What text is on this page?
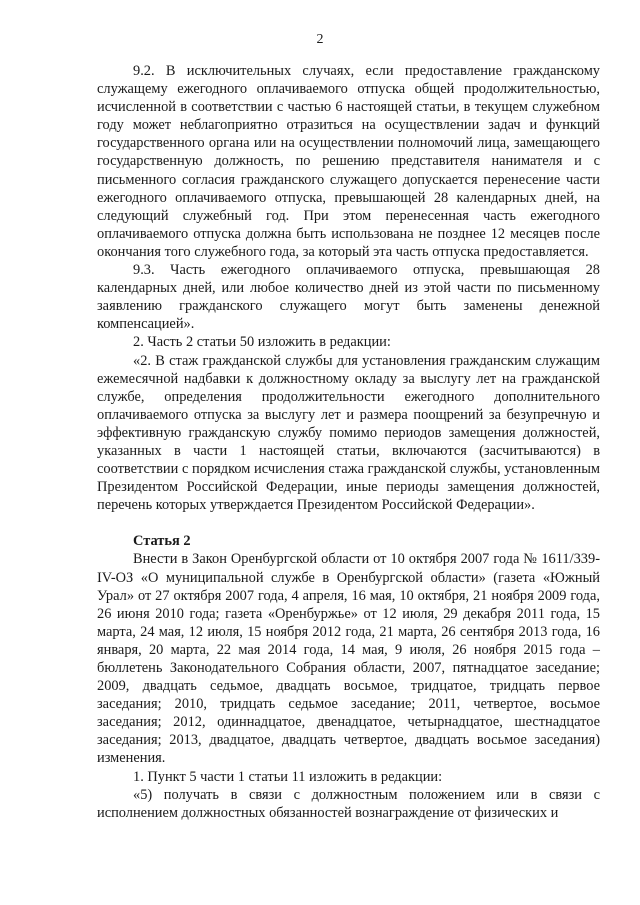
2

9.2. В исключительных случаях, если предоставление гражданскому служащему ежегодного оплачиваемого отпуска общей продолжительностью, исчисленной в соответствии с частью 6 настоящей статьи, в текущем служебном году может неблагоприятно отразиться на осуществлении задач и функций государственного органа или на осуществлении полномочий лица, замещающего государственную должность, по решению представителя нанимателя и с письменного согласия гражданского служащего допускается перенесение части ежегодного оплачиваемого отпуска, превышающей 28 календарных дней, на следующий служебный год. При этом перенесенная часть ежегодного оплачиваемого отпуска должна быть использована не позднее 12 месяцев после окончания того служебного года, за который эта часть отпуска предоставляется.

9.3. Часть ежегодного оплачиваемого отпуска, превышающая 28 календарных дней, или любое количество дней из этой части по письменному заявлению гражданского служащего могут быть заменены денежной компенсацией».

2. Часть 2 статьи 50 изложить в редакции:

«2. В стаж гражданской службы для установления гражданским служащим ежемесячной надбавки к должностному окладу за выслугу лет на гражданской службе, определения продолжительности ежегодного дополнительного оплачиваемого отпуска за выслугу лет и размера поощрений за безупречную и эффективную гражданскую службу помимо периодов замещения должностей, указанных в части 1 настоящей статьи, включаются (засчитываются) в соответствии с порядком исчисления стажа гражданской службы, установленным Президентом Российской Федерации, иные периоды замещения должностей, перечень которых утверждается Президентом Российской Федерации».

Статья 2

Внести в Закон Оренбургской области от 10 октября 2007 года № 1611/339-IV-ОЗ «О муниципальной службе в Оренбургской области» (газета «Южный Урал» от 27 октября 2007 года, 4 апреля, 16 мая, 10 октября, 21 ноября 2009 года, 26 июня 2010 года; газета «Оренбуржье» от 12 июля, 29 декабря 2011 года, 15 марта, 24 мая, 12 июля, 15 ноября 2012 года, 21 марта, 26 сентября 2013 года, 16 января, 20 марта, 22 мая 2014 года, 14 мая, 9 июля, 26 ноября 2015 года – бюллетень Законодательного Собрания области, 2007, пятнадцатое заседание; 2009, двадцать седьмое, двадцать восьмое, тридцатое, тридцать первое заседания; 2010, тридцать седьмое заседание; 2011, четвертое, восьмое заседания; 2012, одиннадцатое, двенадцатое, четырнадцатое, шестнадцатое заседания; 2013, двадцатое, двадцать четвертое, двадцать восьмое заседания) изменения.

1. Пункт 5 части 1 статьи 11 изложить в редакции:

«5) получать в связи с должностным положением или в связи с исполнением должностных обязанностей вознаграждение от физических и
